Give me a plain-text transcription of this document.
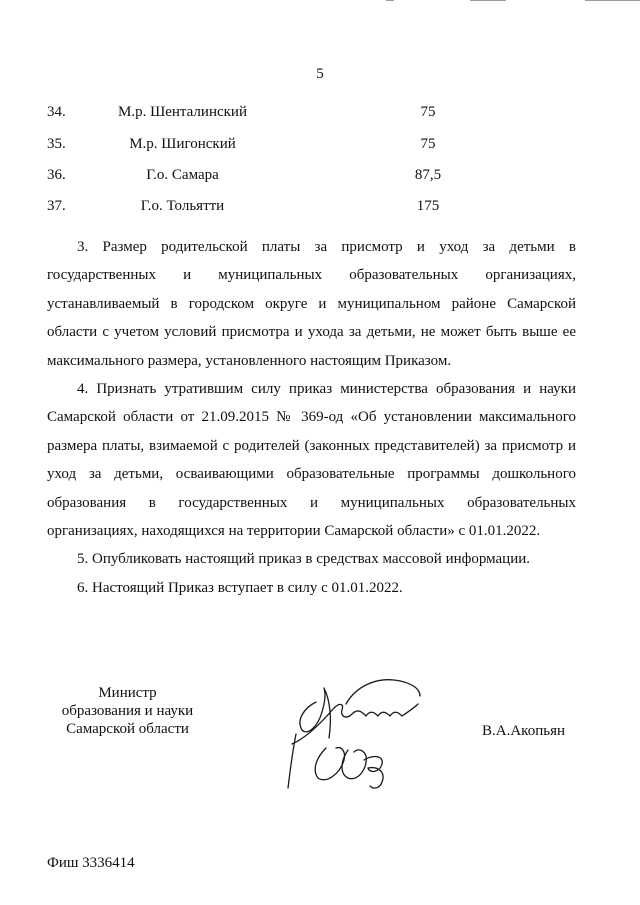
5
34.	М.р. Шенталинский	75
35.	М.р. Шигонский	75
36.	Г.о. Самара	87,5
37.	Г.о. Тольятти	175

3. Размер родительской платы за присмотр и уход за детьми в государственных и муниципальных образовательных организациях, устанавливаемый в городском округе и муниципальном районе Самарской области с учетом условий присмотра и ухода за детьми, не может быть выше ее максимального размера, установленного настоящим Приказом.

4. Признать утратившим силу приказ министерства образования и науки Самарской области от 21.09.2015 № 369-од «Об установлении максимального размера платы, взимаемой с родителей (законных представителей) за присмотр и уход за детьми, осваивающими образовательные программы дошкольного образования в государственных и муниципальных образовательных организациях, находящихся на территории Самарской области» с 01.01.2022.

5. Опубликовать настоящий приказ в средствах массовой информации.

6. Настоящий Приказ вступает в силу с 01.01.2022.

Министр
образования и науки
Самарской области	В.А.Акопьян
Фиш 3336414
